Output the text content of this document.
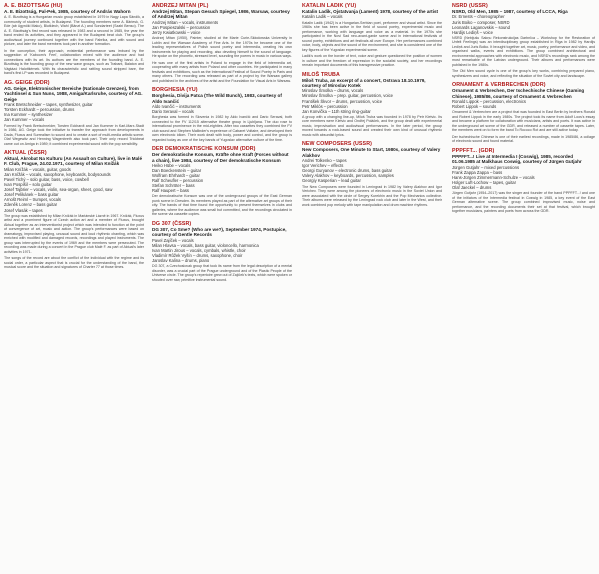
A. E. BIZOTTSÁG (HU)
A. E. Bizottság, Pal-Pek, 1985, courtesy of András Wahorn
A. E. Bizottság is a Hungarian music group established in 1979 in Nagy Lapa Sändik, a community of student artists, in Budapest. The founding members were A. Bäriesk, G. Ede (ab ügynöki Mako), Blutklech, Wahl (Bänzt A.) and Sondarteet (Szabi Benso). The A. E. Bizottság's first record was released in 1983 and a second in 1985, the year the band ended its activities, and they appeared in the Budapest beat club. The group's audiovisual journey continued together with the band Fabrika, and with sound and picture, and later the band members took part in another formation.
In the conception, their approach, existential performance was imbued by the suggestion of 'Kaboom's Feel', collaboration mixed with the audience and had connections with its art. Its authors are the members of the founding band. A. E. Bizottság is the founding group of the new wave groups, such as Trabant, Balaton and Vágtázó Halottkémek. With its characteristic and rattling sound stripped bare, the band's first LP was recorded in Budapest.
AG. GEIGE (DDR)
AG. Geige, Elektronischer Bereiche (Nationale Grenzen), from Yachtinsel & Sun Nuns, 1988, Amiga/Karlsruhe, courtesy of AG. Geige
Frank Bretschneider – tapes, synthesizer, guitar
Torsten Eckhardt – percussion, drums
Ina Kummer – synthesizer
Jan Kummer – vocals
Formed by Frank Bretschneider, Torsten Eckhardt and Jan Kummer in Karl-Marx-Stadt in 1986, AG. Geige took the initiative to transfer the approach from developments in Dada, Fluxus and Surrealism to sound and to create a sort of multi-media artistic scene. Olaf Wegewitz and Henning Wagenbreth also took part. Their only record Trickbeat came out on Amiga in 1989; it combined experimental sound with the pop sensibility.
AKTUAL (ČSSR)
Aktual, Akrobat Na Kulturu (An Assault on Culture), live in Malé F. Club, Prague, 24.02.1971, courtesy of Milan Knížák
Milan Knížák – vocals, guitar, goods
Jan Knížák – vocals, saxophone, keyboards, bodysounds
Pavel Tichý – solo guitar, bass, voice, cowbell
Ivan Pospíšil – solo guitar
Josef Tajbrier – vocals, violin, sea-organ, sheet, good, saw
Josef Pelikánek – bass guitar
Arnošt Reiml – trumpet, vocals
Zdeněk Lorenz – bass guitar
Josef Vlasák – tapes
The group was established by Milan Knížák in Mariánské Lázně in 1967. Knížák, Fluxus artist and a prominent figure of Czech action art and a member of Fluxus, brought Aktual together as an interventionist project which was intended to function at the point of convergence of art, music and action. The group's performances were based on dramaturgy, improvised playing, unusual sound and loud rhythmic chanting, which was enriched with modified and damaged records, recordings and played instruments. The group was interrupted by the events of 1969 and the members were persecuted. The recording was made during a concert in the Prague club Malé F. as part of Aktual's later activities in 1971.
The songs of the record are about the conflict of the individual with the regime and its social order, a particular aspect that is crucial for the understanding of the band, the musical score and the situation and signatures of Charter 77 at those times.
ANDRZEJ MITAN (PL)
Andrzej Mitan, Stepan Gesuch Spiegel, 1986, Warsaw, courtesy of Andrzej Mitan
Andrzej Mitan – vocals, instruments
Jan Pospieszalski – percussion
Jerzy Kwiatkowski – voice
Andrzej Mitan (1950), Painter, studied at the Marie Curie-Skłodowska University in Lublin and the Warsaw Academy of Fine Arts. In the 1970s he became one of the leading representatives of Polish sound poetry and intermedia, creating his own instruments for playing and recording, also devoting himself to the sound of language. He spoke on the phonetic, stressed level, sounding the poems in music in various ways.
He was one of the first artists in Poland to engage in the field of intermedia art, cooperating with many artists from Poland and other countries. He participated in many festivals and exhibitions, such as the International Festival of Sound Poetry in Paris and many others. The recording was released as part of a project by the Warsaw gallery and published in the archives of the artist and the Foundation for Visual Arts in Warsaw.
BORGHESIA (YU)
Borghesia, Divija Patca (The Wild Bunch), 1983, courtesy of Aldo Ivančić
Aldo Ivančić – instruments
Dario Seraval – vocals
Borghesia was formed in Slovenia in 1982 by Aldo Ivančić and Dario Seraval, both connected to the FV 112/15 alternative theatre group in Ljubljana. The duo rose to international prominence in the mid-eighties. After two cassettes they combined the FV club sound and Stephen Mallinder's experience of Cabaret Voltaire, and developed their own electronic idiom. Their work dealt with body, power and control, and the group is regarded today as one of the key bands of Yugoslav alternative culture of the time.
DER DEMOKRATISCHE KONSUM (DDR)
Der demokratische Konsum, Kräfte ohne Kraft (Forces without a chain), live 1984, courtesy of Der demokratische Konsum
Heiko Hübe – vocals
Dan Boeckenstein – guitar
Wolfram Ehrhardt – guitar
Ralf Scheufler – percussion
Stefan Schröter – bass
Ralf Haupert – bass
Der demokratische Konsum was one of the underground groups of the East German punk scene in Dresden. Its members played as part of the alternative art groups of their city. The bands of that time found the opportunity to present themselves in clubs and galleries, where the audience was small but committed, and the recordings circulated in the scene via cassette copies.
DG 307 (ČSSR)
DG 307, Co Sme? (Who are we?), September 1974, Postupice, courtesy of Gentle Records
Pavel Zajíček – vocals
Milan Hlavsa – vocals, bass guitar, violoncello, harmonica
Ivan Martin Jirous – vocals, cymbals, whistle, choir
Vladimír Růžek Vyšín – drums, saxophone, choir
Jaroslav Kalina – drums, piano
DG 307, a Czechoslovak group that took its name from the legal description of a mental disorder, was a crucial part of the Prague underground and of the Plastic People of the Universe circle. The group's repertoire grew out of Zajíček's texts, which were spoken or shouted over raw, primitive instrumental sound.
KATALIN LADIK (YU)
Katalin Ladik, Ojstatvanja (Lament) 1978, courtesy of the artist
Katalin Ladik – vocals
Katalin Ladik (1942) is a Hungarian-Serbian poet, performer and visual artist. Since the 1960s she has been active in the field of sound poetry, experimental music and performance, working with language and voice as a material. In the 1970s she participated in the Novi Sad neo-avant-garde scene and in international festivals of sound poetry, exhibitions and art festivals all over Europe. Her performances combined voice, body, objects and the sound of the environment, and she is considered one of the key figures of the Yugoslav experimental scene.
Ladik's work on the border of text, voice and gesture questioned the position of women in culture and the freedom of expression in the socialist society, and her recordings remain important documents of this transgressive practice.
MILOŠ TRUBA
Miloš Truba, an excerpt of a concert, Ostrava 18.10.1979, courtesy of Miroslav Kotek
Miroslav Šmolka – drums, vocals
Miroslav Šmolka – prep. guitar, percussion, voice
František Škvor – drums, percussion, voice
Petr Miklós – percussion
Jan Konvička – 11th string ring-guitar
A group with a changing line-up, Miloš Truba was founded in 1978 by Petr Kletvic. Its core members were Kletvic and Ondřej Poláček, and the group dealt with experimental music, improvisation and audiovisual performances. In the later period, the group moved towards a rock-based sound and created their own kind of unusual rhythmic music with absurdist lyrics.
NEW COMPOSERS (USSR)
New Composers, One Minute to Start, 1980s, courtesy of Valery Alakhov
Andrei Tolkenko – tapes
Igor Verichev – effects
Georgi Guryanov – electronic drums, bass guitar
Valery Alakhov – keyboards, percussion, samples
Georgiy Kasperian – lead guitar
The New Composers were founded in Leningrad in 1982 by Valery Alakhov and Igor Verichev. They were among the pioneers of electronic music in the Soviet Union and were associated with the circle of Sergey Kurekhin and the Pop Mechanics collective. Their albums were released by the Leningrad rock club and later in the West, and their work combined pop melody with tape manipulation and drum machine rhythms.
NSRD (USSR)
NSRD, Old Men, 1985 – 1987, courtesy of LCCA, Riga
Dr. Ernests – choreographer
Juris Boiko – composer, NSRD
Leonards Laganovskis – sound
Hardijs Lediņš – voice
NSRD (Nebijušu Sakņu Rekonstrukcijas Darbnīca – Workshop for the Restoration of Unfelt Feelings) was an interdisciplinary group established in Riga in 1982 by Hardijs Lediņš and Juris Boiko. It brought together art, music, poetry, performance and video, and organised walks, events and exhibitions. The group combined architectural and environmental approaches with electronic music, and NSRD's recordings rank among the most remarkable of the Latvian underground. Their albums and performances were published in the 1980s.
The Old Men sound cycle is one of the group's key works, combining prepared piano, synthesizers and voice, and reflecting the situation of the Soviet city and landscape.
ORNAMENT & VERBRECHEN (DDR)
Ornament & Verbrechen, Der tschechische Chinese (Gaming Chinese), 1985/86, courtesy of Ornament & Verbrechen
Ronald Lippok – percussion, electronics
Robert Lippok – sounds
Ornament & Verbrechen are a project that was founded in East Berlin by brothers Ronald and Robert Lippok in the early 1980s. The project took its name from Adolf Loos's essay and became a platform for collaboration with musicians, artists and poets. It was active in the underground art scene of the GDR, and released a number of cassette tapes. Later, the members went on to form the band To Rococo Rot and are still active today.
Der tschechische Chinese is one of their earliest recordings, made in 1985/86, a collage of electronic sound and found material.
PPPFFT... (GDR)
PPPFFT...! Live at Intermedia I (Coswig), 1985, recorded 01.06.1985 at Malkhaus Coswig, courtesy of Jürgen Gutjahr
Jürgen Gutjahr – mixed percussions
Frank Zappa Zappa – bass
Hans-Jürgen Zimmermann-Schulze – vocals
Holger Luft-Lochow – tapes, guitar
Olaf Jaeckel – drums
Jürgen Gutjahr (1954–2017) was the singer and founder of the band PPPFFT...! and one of the initiators of the Intermedia festival in Coswig in 1985, a key event of the East German alternative scene. The group combined improvised music, noise and performance, and the recording documents their set at that festival, which brought together musicians, painters and poets from across the GDR.
